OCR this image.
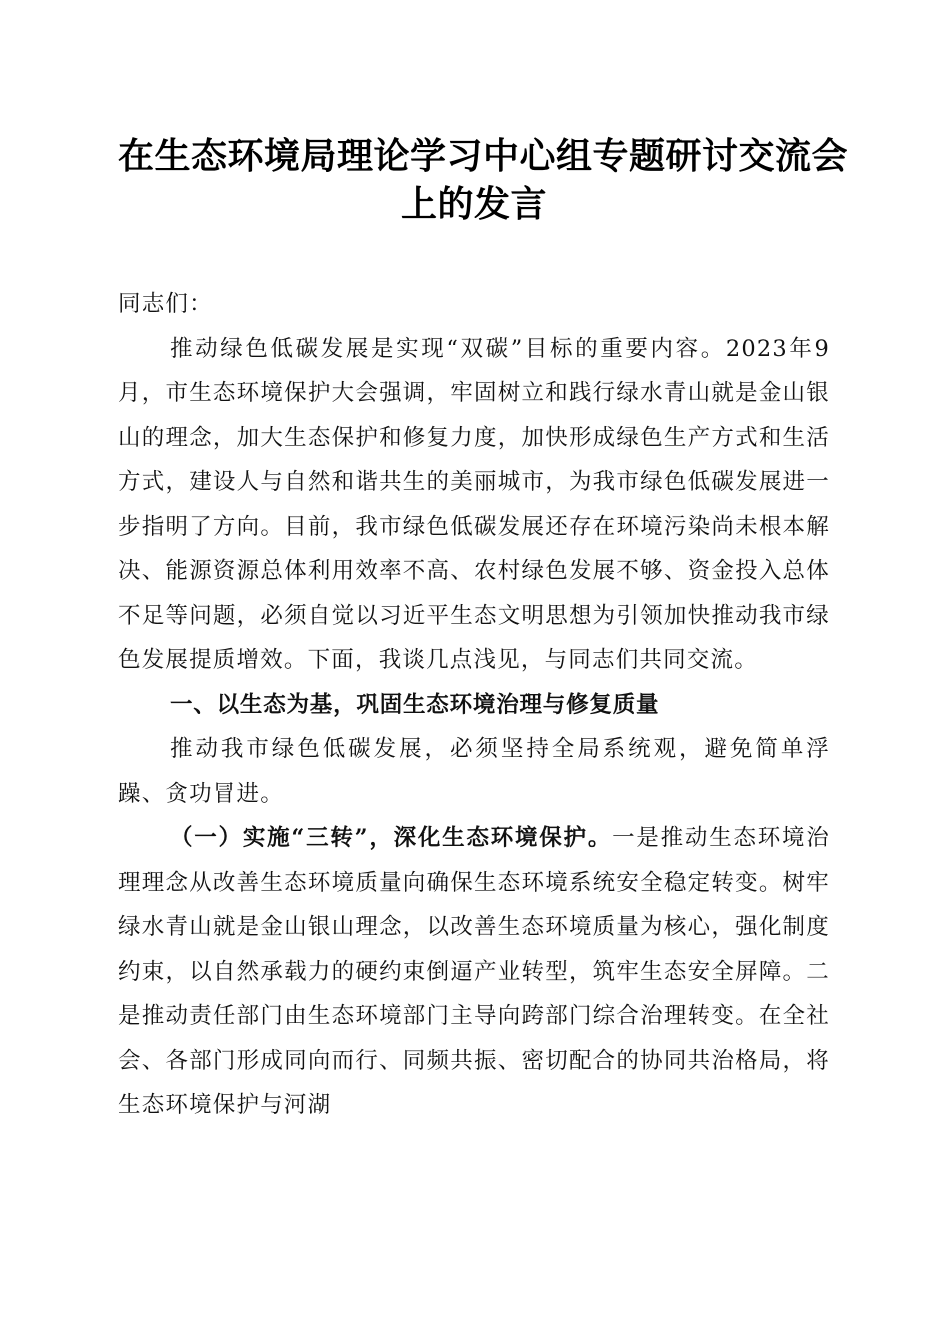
在生态环境局理论学习中心组专题研讨交流会
上的发言

同志们：

推动绿色低碳发展是实现“双碳”目标的重要内容。2023年9月，市生态环境保护大会强调，牢固树立和践行绿水青山就是金山银山的理念，加大生态保护和修复力度，加快形成绿色生产方式和生活方式，建设人与自然和谐共生的美丽城市，为我市绿色低碳发展进一步指明了方向。目前，我市绿色低碳发展还存在环境污染尚未根本解决、能源资源总体利用效率不高、农村绿色发展不够、资金投入总体不足等问题，必须自觉以习近平生态文明思想为引领加快推动我市绿色发展提质增效。下面，我谈几点浅见，与同志们共同交流。

一、以生态为基，巩固生态环境治理与修复质量

推动我市绿色低碳发展，必须坚持全局系统观，避免简单浮躁、贪功冒进。

（一）实施“三转”，深化生态环境保护。一是推动生态环境治理理念从改善生态环境质量向确保生态环境系统安全稳定转变。树牢绿水青山就是金山银山理念，以改善生态环境质量为核心，强化制度约束，以自然承载力的硬约束倒逼产业转型，筑牢生态安全屏障。二是推动责任部门由生态环境部门主导向跨部门综合治理转变。在全社会、各部门形成同向而行、同频共振、密切配合的协同共治格局，将生态环境保护与河湖
